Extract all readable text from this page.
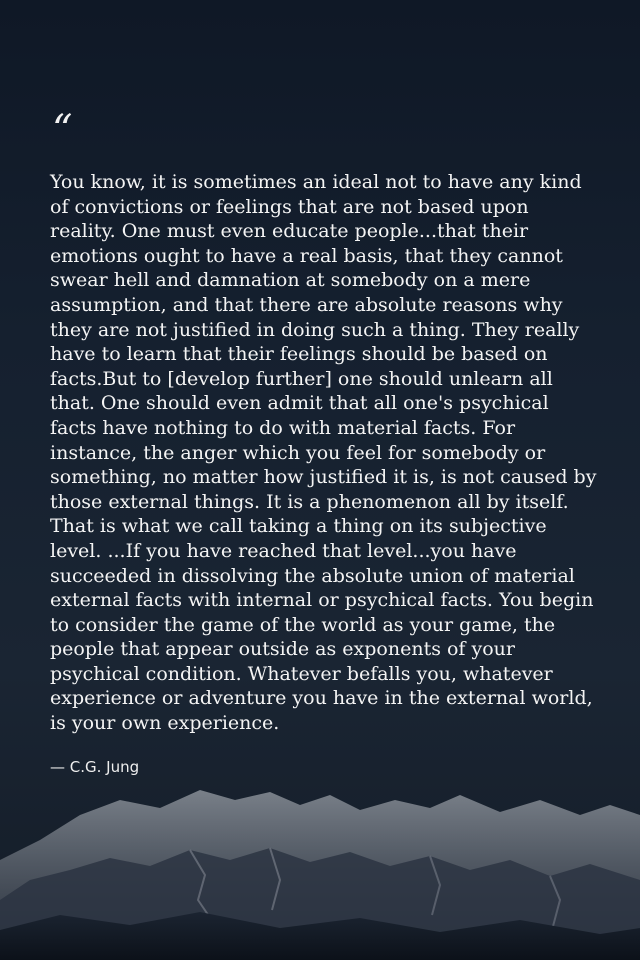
“

You know, it is sometimes an ideal not to have any kind of convictions or feelings that are not based upon reality. One must even educate people...that their emotions ought to have a real basis, that they cannot swear hell and damnation at somebody on a mere assumption, and that there are absolute reasons why they are not justified in doing such a thing. They really have to learn that their feelings should be based on facts.But to [develop further] one should unlearn all that. One should even admit that all one's psychical facts have nothing to do with material facts. For instance, the anger which you feel for somebody or something, no matter how justified it is, is not caused by those external things. It is a phenomenon all by itself. That is what we call taking a thing on its subjective level. ...If you have reached that level...you have succeeded in dissolving the absolute union of material external facts with internal or psychical facts. You begin to consider the game of the world as your game, the people that appear outside as exponents of your psychical condition. Whatever befalls you, whatever experience or adventure you have in the external world, is your own experience.

— C.G. Jung
